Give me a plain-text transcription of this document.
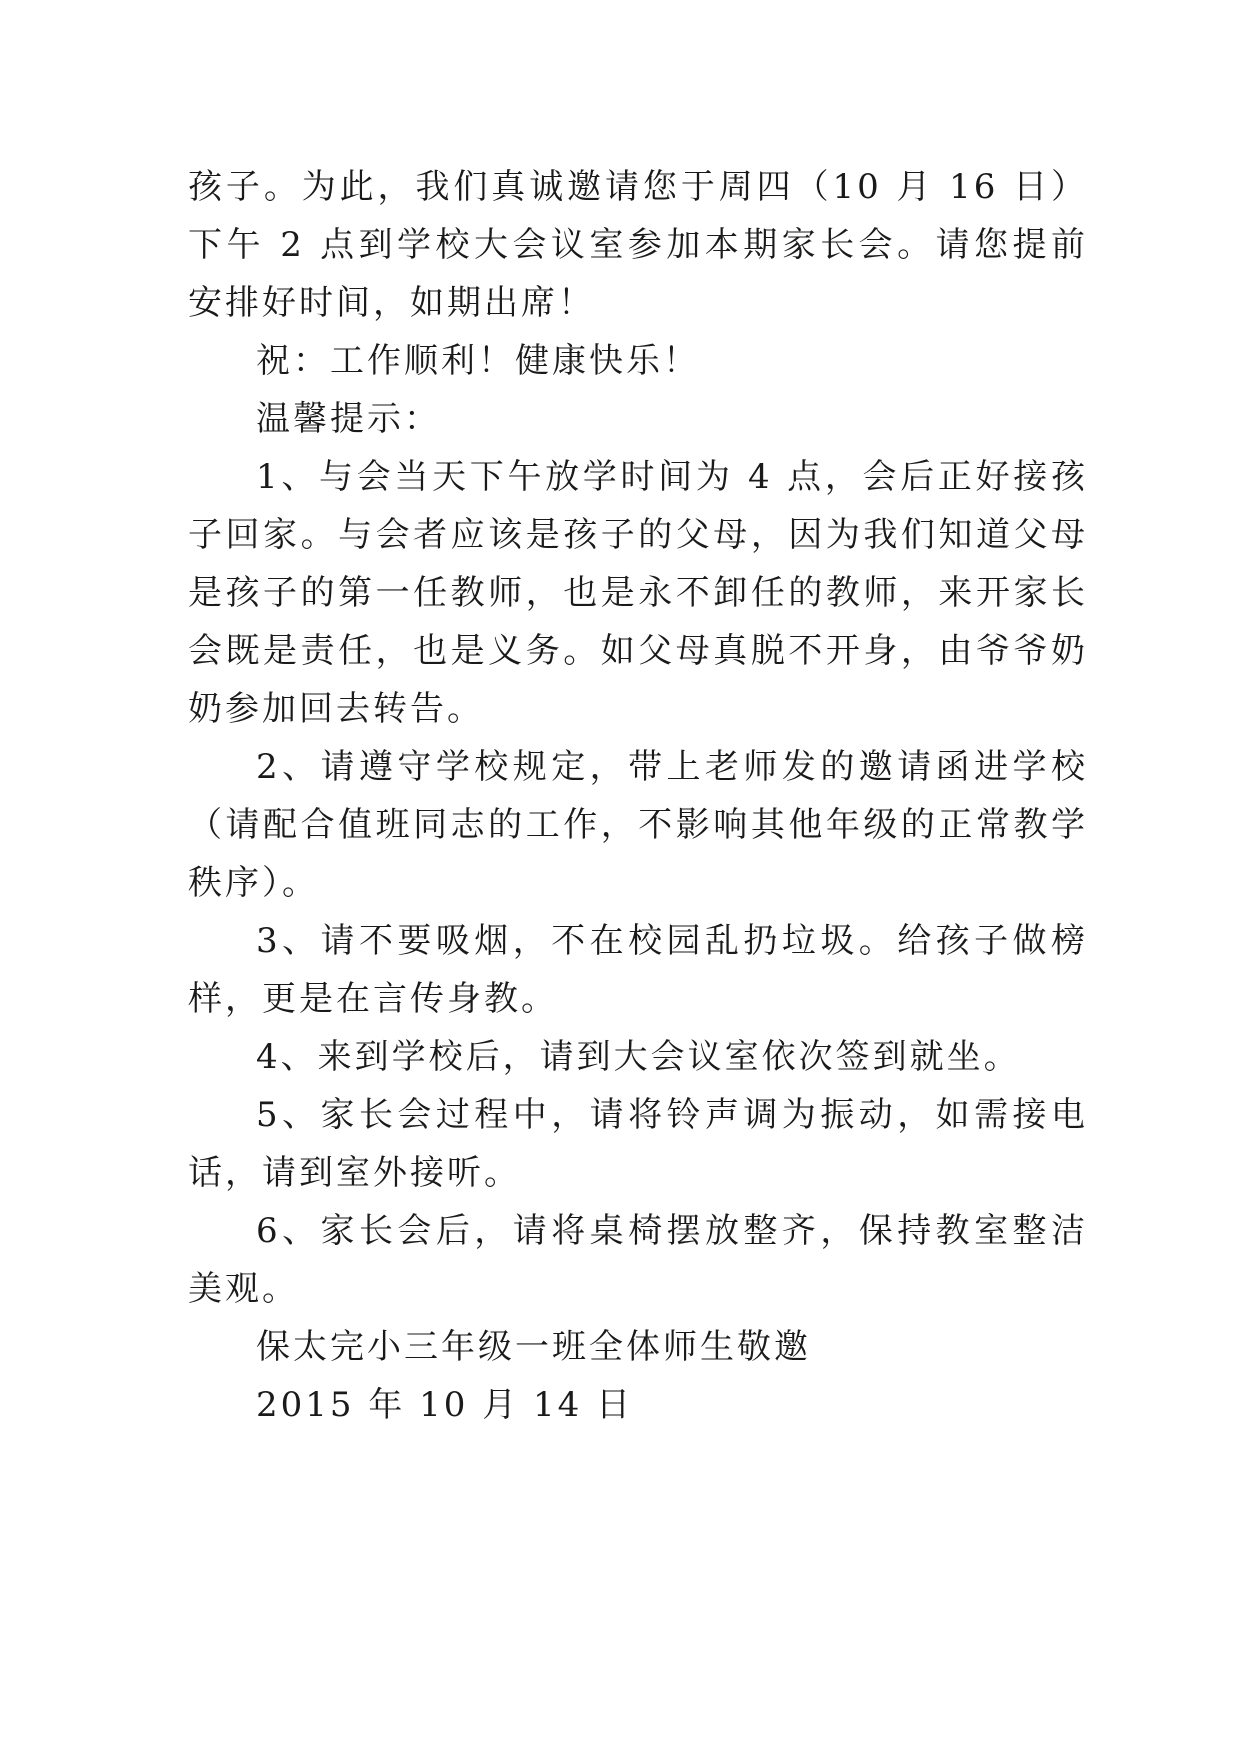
孩子。为此，我们真诚邀请您于周四（10 月 16 日）下午 2 点到学校大会议室参加本期家长会。请您提前安排好时间，如期出席！

祝：工作顺利！健康快乐！

温馨提示：

1、与会当天下午放学时间为 4 点，会后正好接孩子回家。与会者应该是孩子的父母，因为我们知道父母是孩子的第一任教师，也是永不卸任的教师，来开家长会既是责任，也是义务。如父母真脱不开身，由爷爷奶奶参加回去转告。

2、请遵守学校规定，带上老师发的邀请函进学校（请配合值班同志的工作，不影响其他年级的正常教学秩序）。

3、请不要吸烟，不在校园乱扔垃圾。给孩子做榜样，更是在言传身教。

4、来到学校后，请到大会议室依次签到就坐。

5、家长会过程中，请将铃声调为振动，如需接电话，请到室外接听。

6、家长会后，请将桌椅摆放整齐，保持教室整洁美观。

保太完小三年级一班全体师生敬邀

2015 年 10 月 14 日
